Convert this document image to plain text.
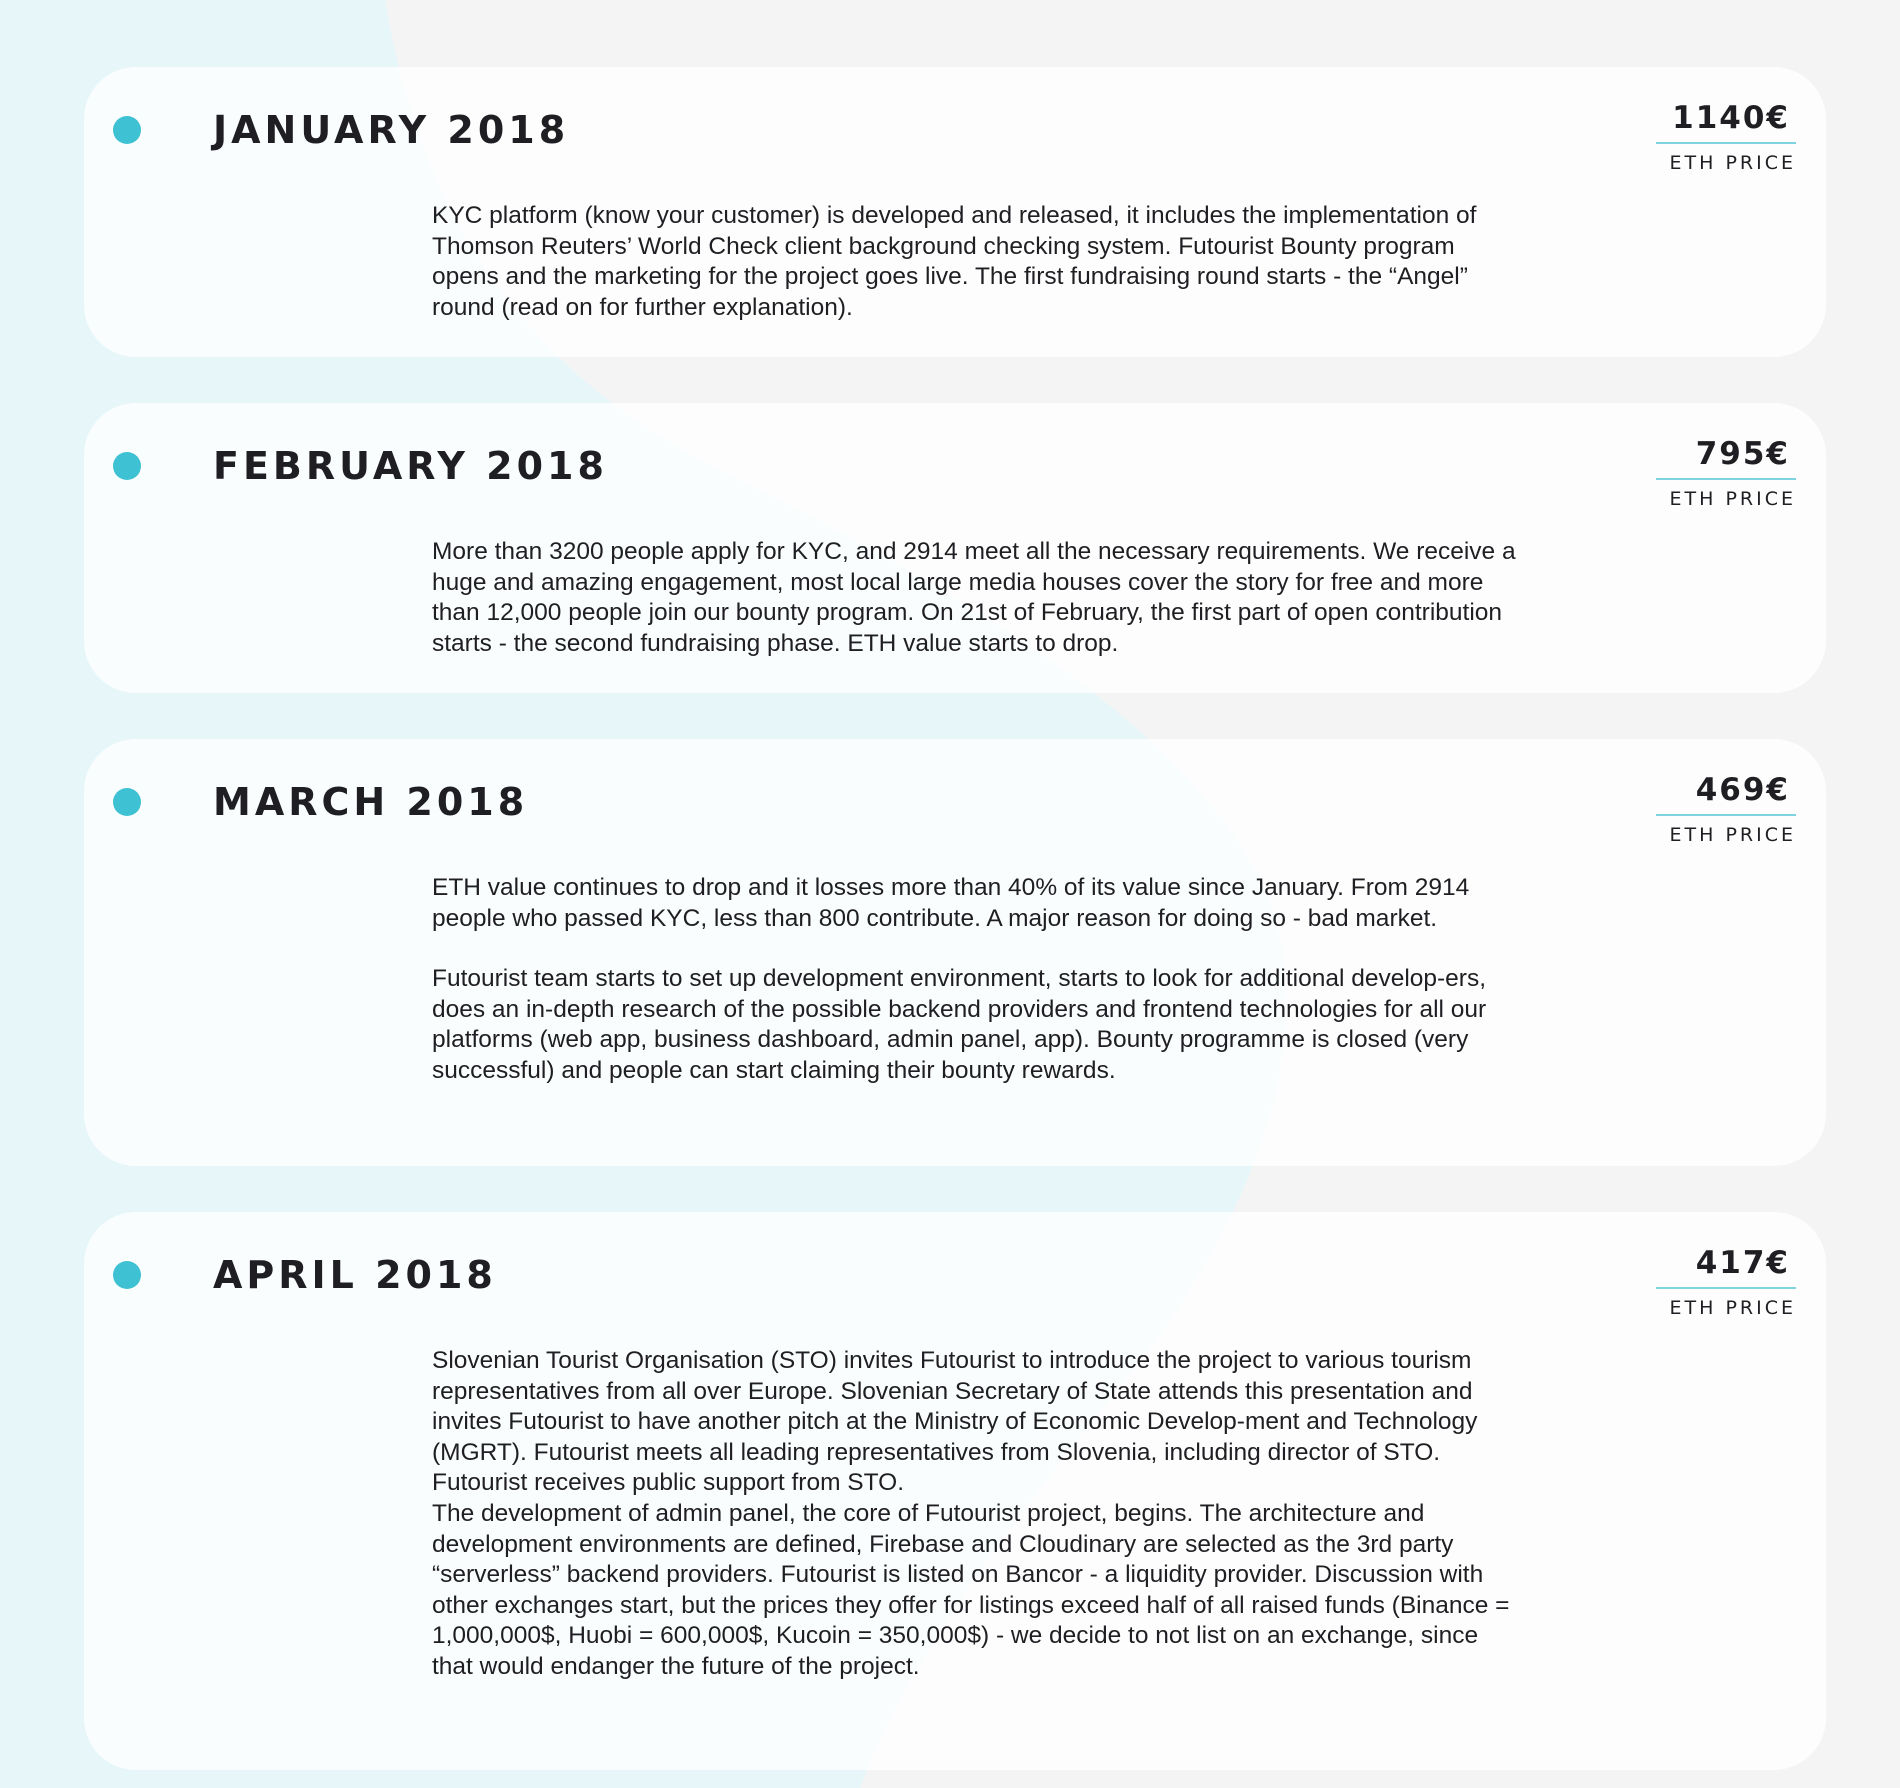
JANUARY 2018	1140€
ETH PRICE

KYC platform (know your customer) is developed and released, it includes the implementation of Thomson Reuters’ World Check client background checking system. Futourist Bounty program opens and the marketing for the project goes live. The first fundraising round starts - the “Angel” round (read on for further explanation).

FEBRUARY 2018	795€
ETH PRICE

More than 3200 people apply for KYC, and 2914 meet all the necessary requirements. We receive a huge and amazing engagement, most local large media houses cover the story for free and more than 12,000 people join our bounty program. On 21st of February, the first part of open contribution starts - the second fundraising phase. ETH value starts to drop.

MARCH 2018	469€
ETH PRICE

ETH value continues to drop and it losses more than 40% of its value since January. From 2914 people who passed KYC, less than 800 contribute. A major reason for doing so - bad market.

Futourist team starts to set up development environment, starts to look for additional develop-ers, does an in-depth research of the possible backend providers and frontend technologies for all our platforms (web app, business dashboard, admin panel, app). Bounty programme is closed (very successful) and people can start claiming their bounty rewards.

APRIL 2018	417€
ETH PRICE

Slovenian Tourist Organisation (STO) invites Futourist to introduce the project to various tourism representatives from all over Europe. Slovenian Secretary of State attends this presentation and invites Futourist to have another pitch at the Ministry of Economic Develop-ment and Technology (MGRT). Futourist meets all leading representatives from Slovenia, including director of STO. Futourist receives public support from STO.

The development of admin panel, the core of Futourist project, begins. The architecture and development environments are defined, Firebase and Cloudinary are selected as the 3rd party “serverless” backend providers. Futourist is listed on Bancor - a liquidity provider. Discussion with other exchanges start, but the prices they offer for listings exceed half of all raised funds (Binance = 1,000,000$, Huobi = 600,000$, Kucoin = 350,000$) - we decide to not list on an exchange, since that would endanger the future of the project.
